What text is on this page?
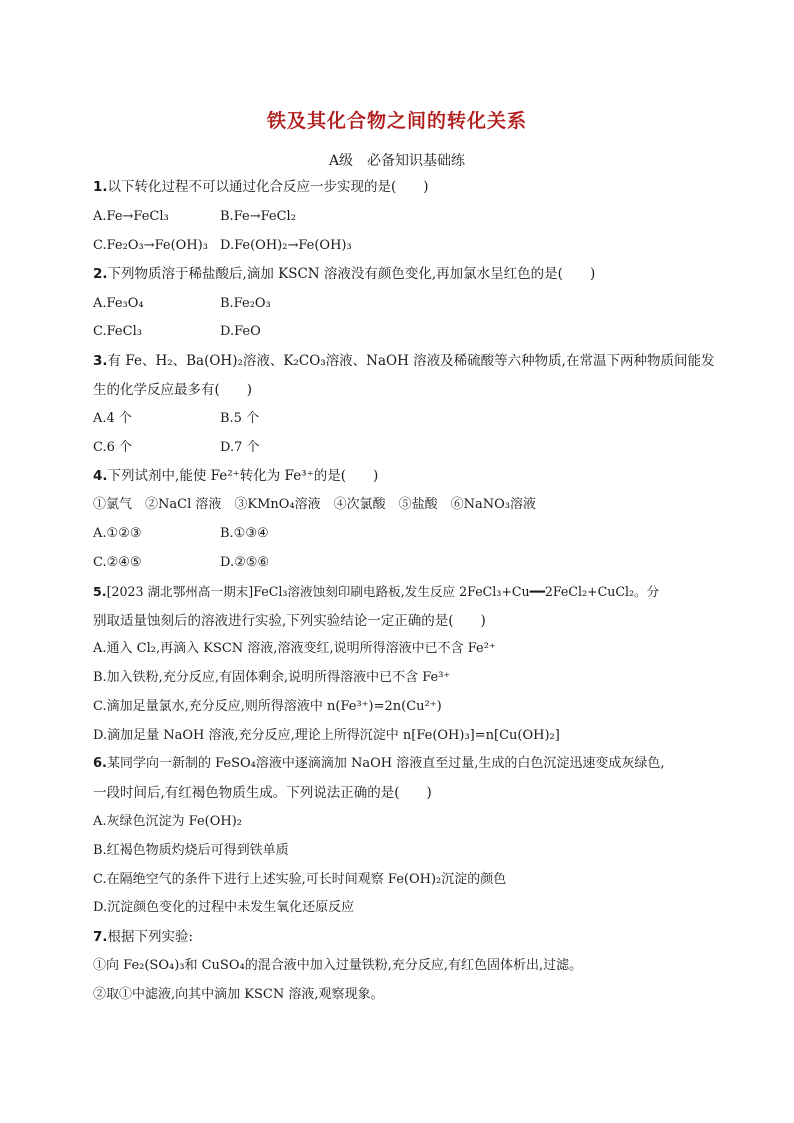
铁及其化合物之间的转化关系
A级　必备知识基础练
1.以下转化过程不可以通过化合反应一步实现的是(　　)
A.Fe→FeCl₃	B.Fe→FeCl₂
C.Fe₂O₃→Fe(OH)₃ D.Fe(OH)₂→Fe(OH)₃
2.下列物质溶于稀盐酸后,滴加 KSCN 溶液没有颜色变化,再加氯水呈红色的是(　　)
A.Fe₃O₄	B.Fe₂O₃
C.FeCl₃	D.FeO
3.有 Fe、H₂、Ba(OH)₂溶液、K₂CO₃溶液、NaOH 溶液及稀硫酸等六种物质,在常温下两种物质间能发
生的化学反应最多有(　　)
A.4 个	B.5 个
C.6 个	D.7 个
4.下列试剂中,能使 Fe²⁺转化为 Fe³⁺的是(　　)
①氯气　②NaCl 溶液　③KMnO₄溶液　④次氯酸　⑤盐酸　⑥NaNO₃溶液
A.①②③	B.①③④
C.②④⑤	D.②⑤⑥
5.[2023 湖北鄂州高一期末]FeCl₃溶液蚀刻印刷电路板,发生反应 2FeCl₃+Cu━━2FeCl₂+CuCl₂。分
别取适量蚀刻后的溶液进行实验,下列实验结论一定正确的是(　　)
A.通入 Cl₂,再滴入 KSCN 溶液,溶液变红,说明所得溶液中已不含 Fe²⁺
B.加入铁粉,充分反应,有固体剩余,说明所得溶液中已不含 Fe³⁺
C.滴加足量氯水,充分反应,则所得溶液中 n(Fe³⁺)=2n(Cu²⁺)
D.滴加足量 NaOH 溶液,充分反应,理论上所得沉淀中 n[Fe(OH)₃]=n[Cu(OH)₂]
6.某同学向一新制的 FeSO₄溶液中逐滴滴加 NaOH 溶液直至过量,生成的白色沉淀迅速变成灰绿色,
一段时间后,有红褐色物质生成。下列说法正确的是(　　)
A.灰绿色沉淀为 Fe(OH)₂
B.红褐色物质灼烧后可得到铁单质
C.在隔绝空气的条件下进行上述实验,可长时间观察 Fe(OH)₂沉淀的颜色
D.沉淀颜色变化的过程中未发生氧化还原反应
7.根据下列实验:
①向 Fe₂(SO₄)₃和 CuSO₄的混合液中加入过量铁粉,充分反应,有红色固体析出,过滤。
②取①中滤液,向其中滴加 KSCN 溶液,观察现象。
